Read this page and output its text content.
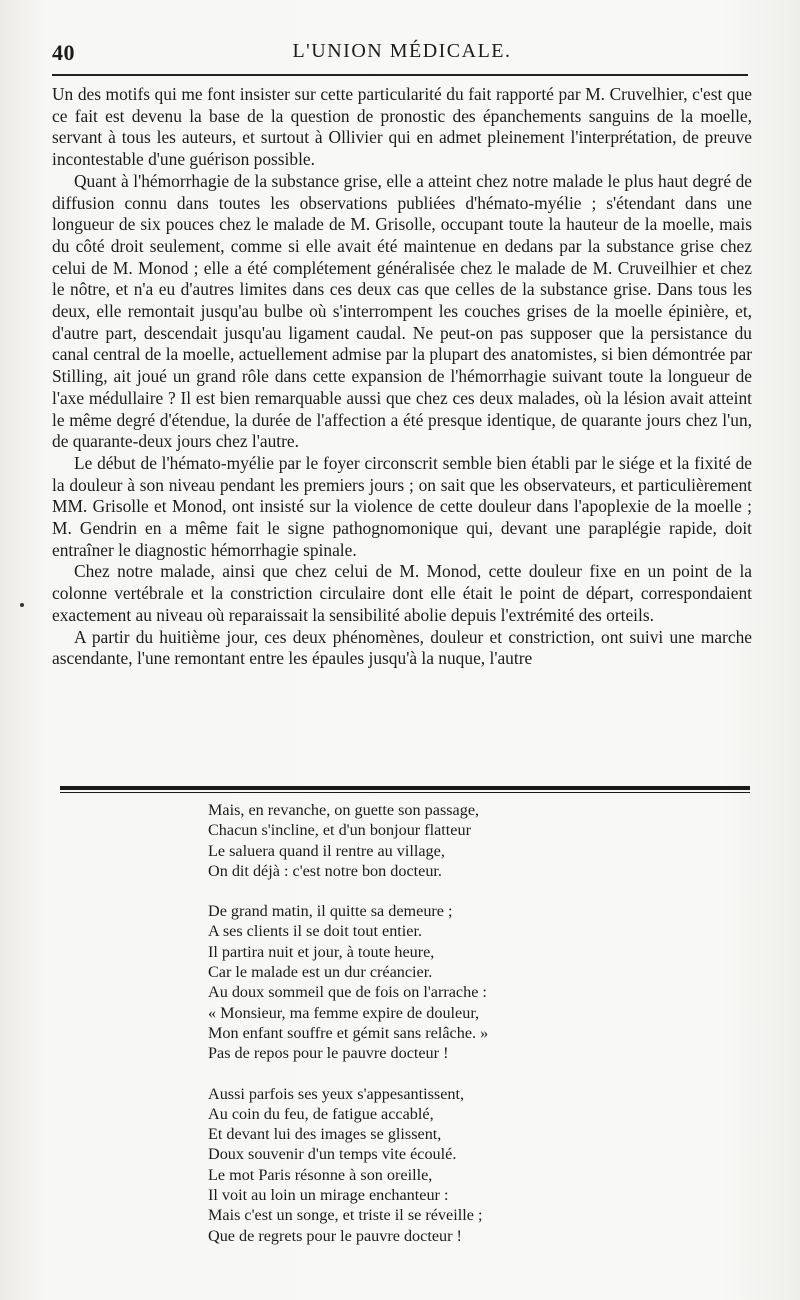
40	L'UNION MÉDICALE.

Un des motifs qui me font insister sur cette particularité du fait rapporté par M. Cruvelhier, c'est que ce fait est devenu la base de la question de pronostic des épanchements sanguins de la moelle, servant à tous les auteurs, et surtout à Ollivier qui en admet pleinement l'interprétation, de preuve incontestable d'une guérison possible.

Quant à l'hémorrhagie de la substance grise, elle a atteint chez notre malade le plus haut degré de diffusion connu dans toutes les observations publiées d'hémato-myélie ; s'étendant dans une longueur de six pouces chez le malade de M. Grisolle, occupant toute la hauteur de la moelle, mais du côté droit seulement, comme si elle avait été maintenue en dedans par la substance grise chez celui de M. Monod ; elle a été complétement généralisée chez le malade de M. Cruveilhier et chez le nôtre, et n'a eu d'autres limites dans ces deux cas que celles de la substance grise. Dans tous les deux, elle remontait jusqu'au bulbe où s'interrompent les couches grises de la moelle épinière, et, d'autre part, descendait jusqu'au ligament caudal. Ne peut-on pas supposer que la persistance du canal central de la moelle, actuellement admise par la plupart des anatomistes, si bien démontrée par Stilling, ait joué un grand rôle dans cette expansion de l'hémorrhagie suivant toute la longueur de l'axe médullaire ? Il est bien remarquable aussi que chez ces deux malades, où la lésion avait atteint le même degré d'étendue, la durée de l'affection a été presque identique, de quarante jours chez l'un, de quarante-deux jours chez l'autre.

Le début de l'hémato-myélie par le foyer circonscrit semble bien établi par le siége et la fixité de la douleur à son niveau pendant les premiers jours ; on sait que les observateurs, et particulièrement MM. Grisolle et Monod, ont insisté sur la violence de cette douleur dans l'apoplexie de la moelle ; M. Gendrin en a même fait le signe pathognomonique qui, devant une paraplégie rapide, doit entraîner le diagnostic hémorrhagie spinale.

Chez notre malade, ainsi que chez celui de M. Monod, cette douleur fixe en un point de la colonne vertébrale et la constriction circulaire dont elle était le point de départ, correspondaient exactement au niveau où reparaissait la sensibilité abolie depuis l'extrémité des orteils.

A partir du huitième jour, ces deux phénomènes, douleur et constriction, ont suivi une marche ascendante, l'une remontant entre les épaules jusqu'à la nuque, l'autre

Mais, en revanche, on guette son passage,
Chacun s'incline, et d'un bonjour flatteur
Le saluera quand il rentre au village,
On dit déjà : c'est notre bon docteur.
De grand matin, il quitte sa demeure ;
A ses clients il se doit tout entier.
Il partira nuit et jour, à toute heure,
Car le malade est un dur créancier.
Au doux sommeil que de fois on l'arrache :
« Monsieur, ma femme expire de douleur,
Mon enfant souffre et gémit sans relâche. »
Pas de repos pour le pauvre docteur !
Aussi parfois ses yeux s'appesantissent,
Au coin du feu, de fatigue accablé,
Et devant lui des images se glissent,
Doux souvenir d'un temps vite écoulé.
Le mot Paris résonne à son oreille,
Il voit au loin un mirage enchanteur :
Mais c'est un songe, et triste il se réveille ;
Que de regrets pour le pauvre docteur !
